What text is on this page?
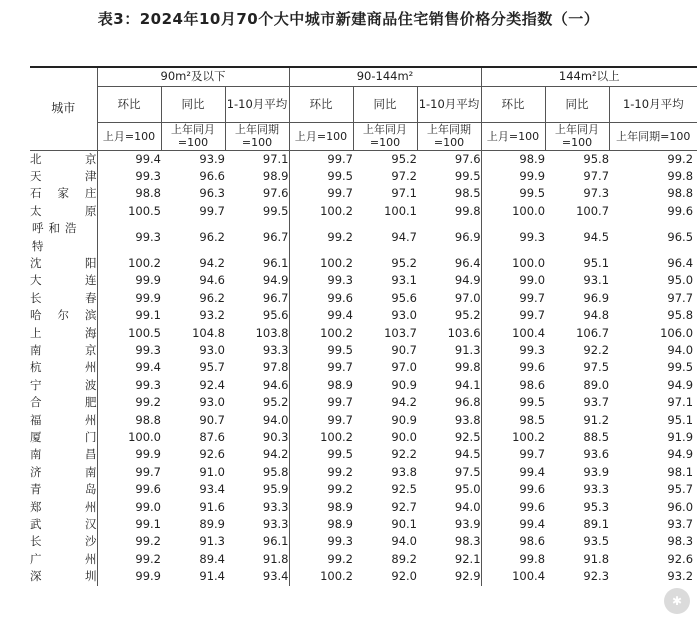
表3：2024年10月70个大中城市新建商品住宅销售价格分类指数（一）
城市	90m²及以下			90-144m²			144m²以上		
	环比	同比	1-10月平均	环比	同比	1-10月平均	环比	同比	1-10月平均
	上月=100	上年同月=100	上年同期=100	上月=100	上年同月=100	上年同期=100	上月=100	上年同月=100	上年同期=100
北京	99.4	93.9	97.1	99.7	95.2	97.6	98.9	95.8	99.2
天津	99.3	96.6	98.9	99.5	97.2	99.5	99.9	97.7	99.8
石家庄	98.8	96.3	97.6	99.7	97.1	98.5	99.5	97.3	98.8
太原	100.5	99.7	99.5	100.2	100.1	99.8	100.0	100.7	99.6
呼和浩特	99.3	96.2	96.7	99.2	94.7	96.9	99.3	94.5	96.5
沈阳	100.2	94.2	96.1	100.2	95.2	96.4	100.0	95.1	96.4
大连	99.9	94.6	94.9	99.3	93.1	94.9	99.0	93.1	95.0
长春	99.9	96.2	96.7	99.6	95.6	97.0	99.7	96.9	97.7
哈尔滨	99.1	93.2	95.6	99.4	93.0	95.2	99.7	94.8	95.8
上海	100.5	104.8	103.8	100.2	103.7	103.6	100.4	106.7	106.0
南京	99.3	93.0	93.3	99.5	90.7	91.3	99.3	92.2	94.0
杭州	99.4	95.7	97.8	99.7	97.0	99.8	99.6	97.5	99.5
宁波	99.3	92.4	94.6	98.9	90.9	94.1	98.6	89.0	94.9
合肥	99.2	93.0	95.2	99.7	94.2	96.8	99.5	93.7	97.1
福州	98.8	90.7	94.0	99.7	90.9	93.8	98.5	91.2	95.1
厦门	100.0	87.6	90.3	100.2	90.0	92.5	100.2	88.5	91.9
南昌	99.9	92.6	94.2	99.5	92.2	94.5	99.7	93.6	94.9
济南	99.7	91.0	95.8	99.2	93.8	97.5	99.4	93.9	98.1
青岛	99.6	93.4	95.9	99.2	92.5	95.0	99.6	93.3	95.7
郑州	99.0	91.6	93.3	98.9	92.7	94.0	99.6	95.3	96.0
武汉	99.1	89.9	93.3	98.9	90.1	93.9	99.4	89.1	93.7
长沙	99.2	91.3	96.1	99.3	94.0	98.3	98.6	93.5	98.3
广州	99.2	89.4	91.8	99.2	89.2	92.1	99.8	91.8	92.6
深圳	99.9	91.4	93.4	100.2	92.0	92.9	100.4	92.3	93.2
✱
